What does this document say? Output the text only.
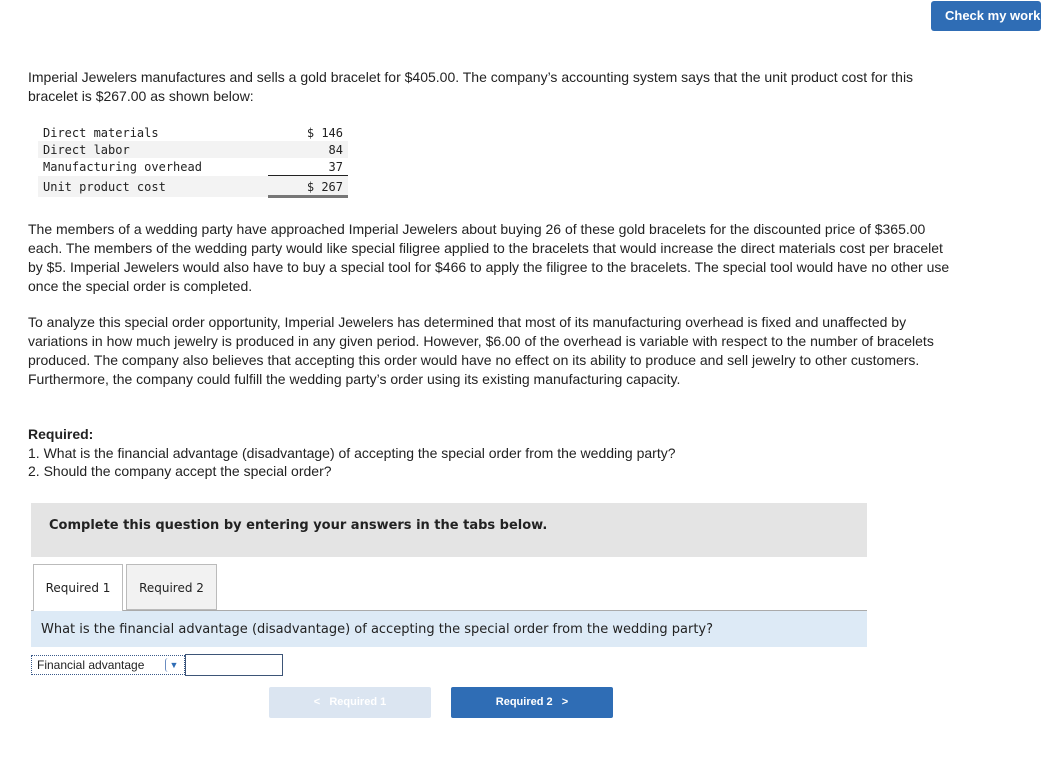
Check my work

Imperial Jewelers manufactures and sells a gold bracelet for $405.00. The company’s accounting system says that the unit product cost for this bracelet is $267.00 as shown below:

Direct materials	$ 146
Direct labor	84
Manufacturing overhead	37
Unit product cost	$ 267

The members of a wedding party have approached Imperial Jewelers about buying 26 of these gold bracelets for the discounted price of $365.00 each. The members of the wedding party would like special filigree applied to the bracelets that would increase the direct materials cost per bracelet by $5. Imperial Jewelers would also have to buy a special tool for $466 to apply the filigree to the bracelets. The special tool would have no other use once the special order is completed.

To analyze this special order opportunity, Imperial Jewelers has determined that most of its manufacturing overhead is fixed and unaffected by variations in how much jewelry is produced in any given period. However, $6.00 of the overhead is variable with respect to the number of bracelets produced. The company also believes that accepting this order would have no effect on its ability to produce and sell jewelry to other customers. Furthermore, the company could fulfill the wedding party’s order using its existing manufacturing capacity.

Required:

1. What is the financial advantage (disadvantage) of accepting the special order from the wedding party?

2. Should the company accept the special order?

Complete this question by entering your answers in the tabs below.
Required 1	Required 2
What is the financial advantage (disadvantage) of accepting the special order from the wedding party?
Financial advantage	▼
<   Required 1	Required 2   >
